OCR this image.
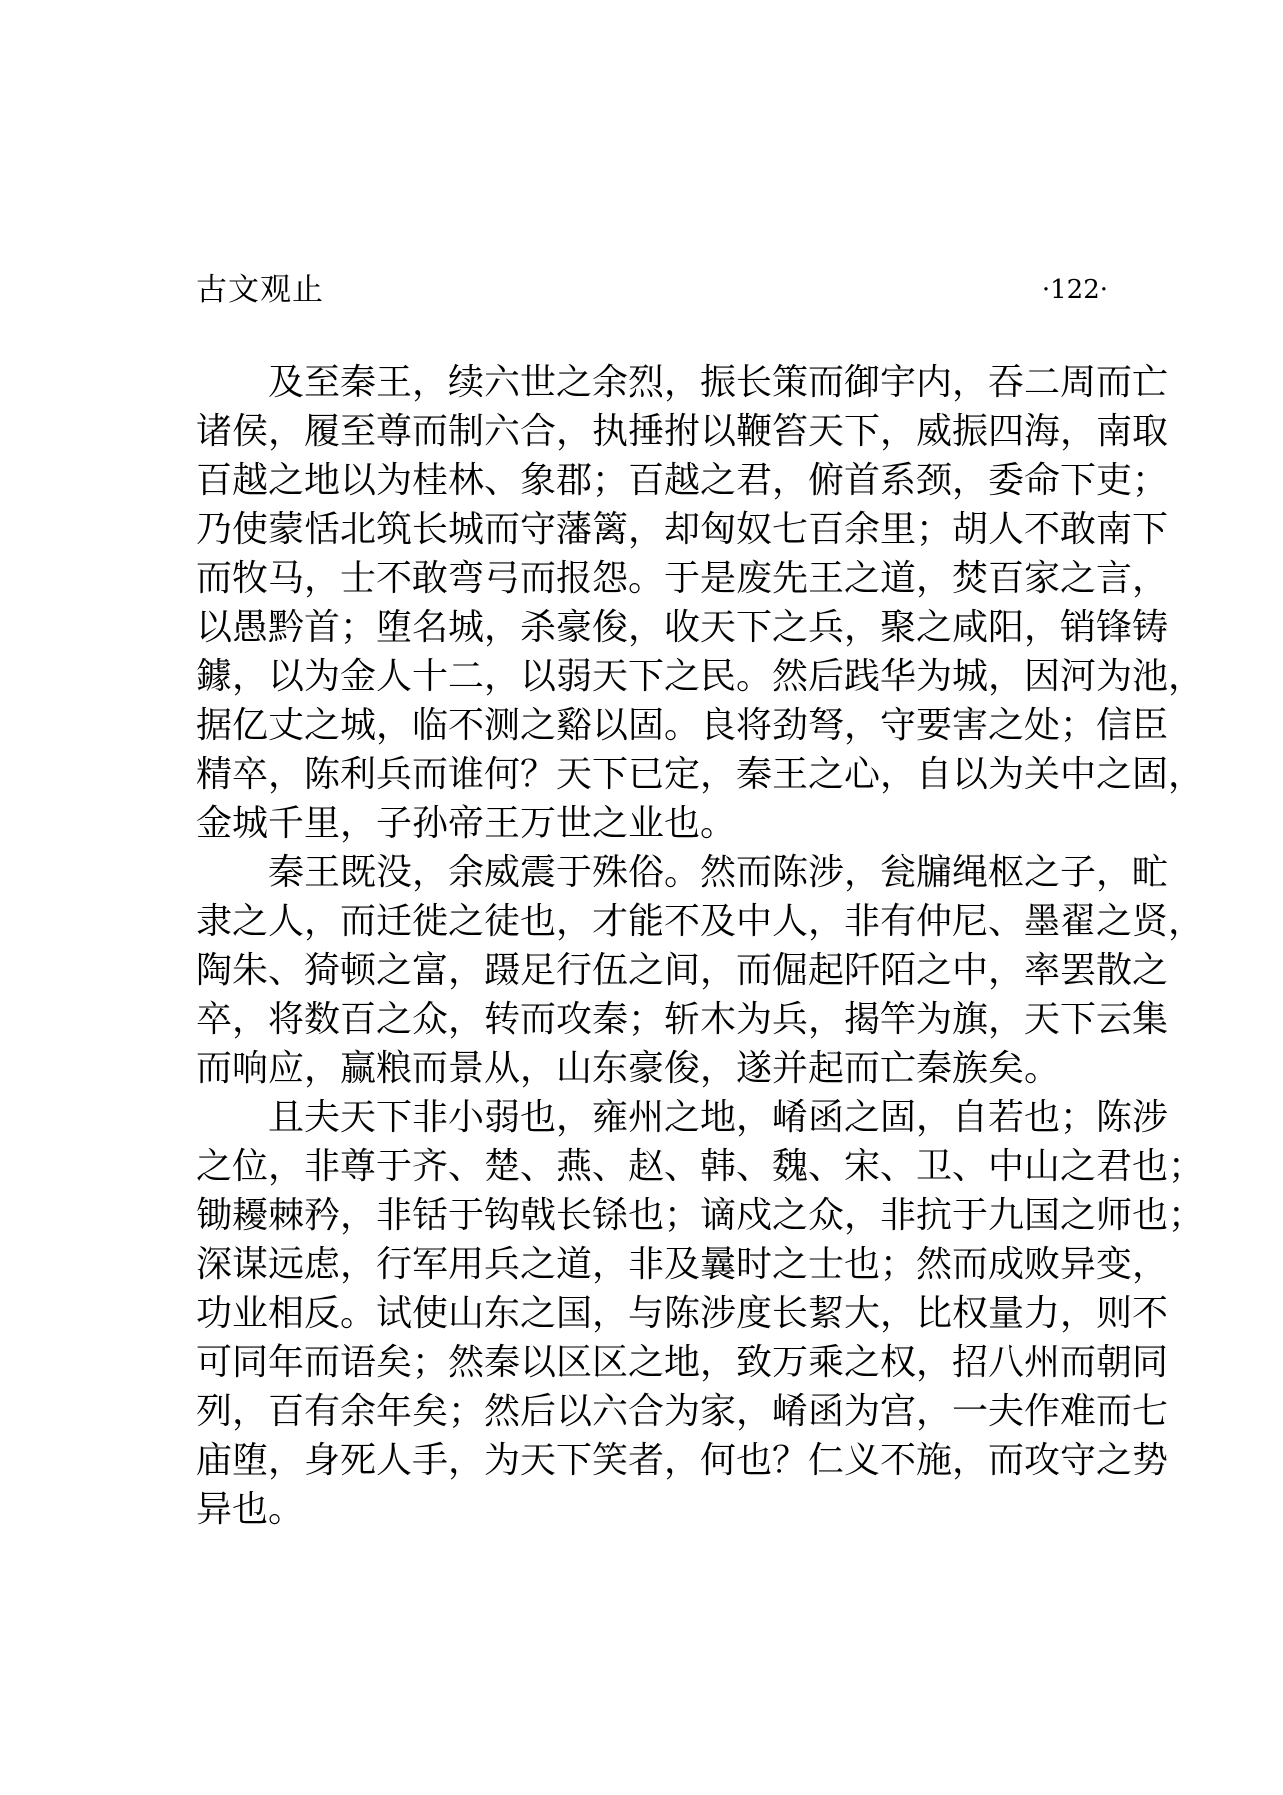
古文观止	·122·

及至秦王，续六世之余烈，振长策而御宇内，吞二周而亡
诸侯，履至尊而制六合，执捶拊以鞭笞天下，威振四海，南取
百越之地以为桂林、象郡；百越之君，俯首系颈，委命下吏；
乃使蒙恬北筑长城而守藩篱，却匈奴七百余里；胡人不敢南下
而牧马，士不敢弯弓而报怨。于是废先王之道，焚百家之言，
以愚黔首；堕名城，杀豪俊，收天下之兵，聚之咸阳，销锋铸
鐻，以为金人十二，以弱天下之民。然后践华为城，因河为池，
据亿丈之城，临不测之谿以固。良将劲弩，守要害之处；信臣
精卒，陈利兵而谁何？天下已定，秦王之心，自以为关中之固，
金城千里，子孙帝王万世之业也。

秦王既没，余威震于殊俗。然而陈涉，瓮牖绳枢之子，甿
隶之人，而迁徙之徒也，才能不及中人，非有仲尼、墨翟之贤，
陶朱、猗顿之富，蹑足行伍之间，而倔起阡陌之中，率罢散之
卒，将数百之众，转而攻秦；斩木为兵，揭竿为旗，天下云集
而响应，赢粮而景从，山东豪俊，遂并起而亡秦族矣。

且夫天下非小弱也，雍州之地，崤函之固，自若也；陈涉
之位，非尊于齐、楚、燕、赵、韩、魏、宋、卫、中山之君也；
锄耰棘矜，非铦于钩戟长铩也；谪戍之众，非抗于九国之师也；
深谋远虑，行军用兵之道，非及曩时之士也；然而成败异变，
功业相反。试使山东之国，与陈涉度长絜大，比权量力，则不
可同年而语矣；然秦以区区之地，致万乘之权，招八州而朝同
列，百有余年矣；然后以六合为家，崤函为宫，一夫作难而七
庙堕，身死人手，为天下笑者，何也？仁义不施，而攻守之势
异也。
